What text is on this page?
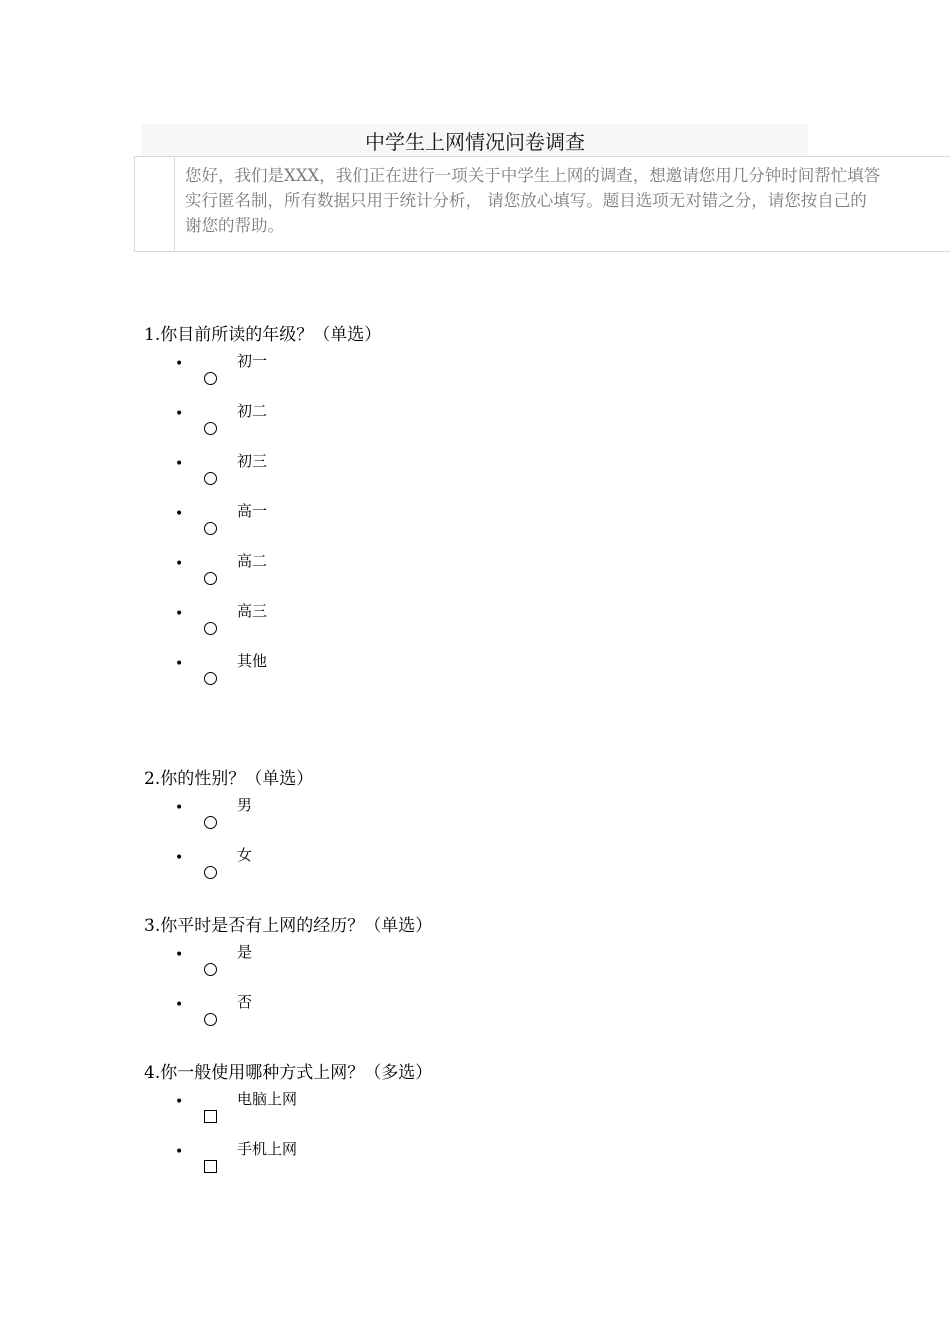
中学生上网情况问卷调查
您好，我们是XXX，我们正在进行一项关于中学生上网的调查，想邀请您用几分钟时间帮忙填答
实行匿名制，所有数据只用于统计分析， 请您放心填写。题目选项无对错之分，请您按自己的
谢您的帮助。
1.你目前所读的年级？（单选）
•	初一
•	初二
•	初三
•	高一
•	高二
•	高三
•	其他
2.你的性别？（单选）
•	男
•	女
3.你平时是否有上网的经历？（单选）
•	是
•	否
4.你一般使用哪种方式上网？（多选）
•	电脑上网
•	手机上网
